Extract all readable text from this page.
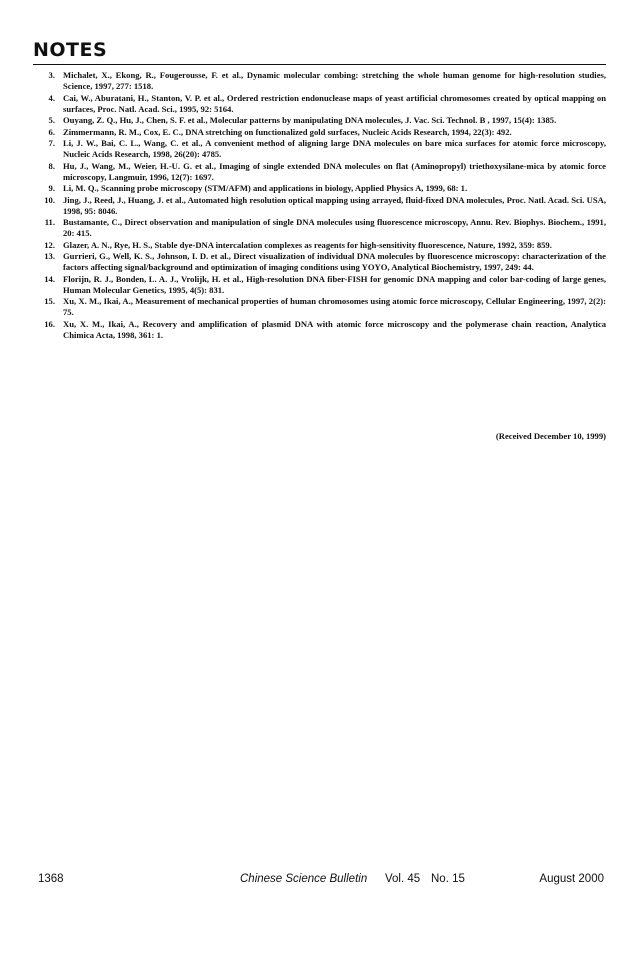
NOTES
3. Michalet, X., Ekong, R., Fougerousse, F. et al., Dynamic molecular combing: stretching the whole human genome for high-resolution studies, Science, 1997, 277: 1518.
4. Cai, W., Aburatani, H., Stanton, V. P. et al., Ordered restriction endonuclease maps of yeast artificial chromosomes created by optical mapping on surfaces, Proc. Natl. Acad. Sci., 1995, 92: 5164.
5. Ouyang, Z. Q., Hu, J., Chen, S. F. et al., Molecular patterns by manipulating DNA molecules, J. Vac. Sci. Technol. B , 1997, 15(4): 1385.
6. Zimmermann, R. M., Cox, E. C., DNA stretching on functionalized gold surfaces, Nucleic Acids Research, 1994, 22(3): 492.
7. Li, J. W., Bai, C. L., Wang, C. et al., A convenient method of aligning large DNA molecules on bare mica surfaces for atomic force microscopy, Nucleic Acids Research, 1998, 26(20): 4785.
8. Hu, J., Wang, M., Weier, H.-U. G. et al., Imaging of single extended DNA molecules on flat (Aminopropyl) triethoxysilane-mica by atomic force microscopy, Langmuir, 1996, 12(7): 1697.
9. Li, M. Q., Scanning probe microscopy (STM/AFM) and applications in biology, Applied Physics A, 1999, 68: 1.
10. Jing, J., Reed, J., Huang, J. et al., Automated high resolution optical mapping using arrayed, fluid-fixed DNA molecules, Proc. Natl. Acad. Sci. USA, 1998, 95: 8046.
11. Bustamante, C., Direct observation and manipulation of single DNA molecules using fluorescence microscopy, Annu. Rev. Biophys. Biochem., 1991, 20: 415.
12. Glazer, A. N., Rye, H. S., Stable dye-DNA intercalation complexes as reagents for high-sensitivity fluorescence, Nature, 1992, 359: 859.
13. Gurrieri, G., Well, K. S., Johnson, I. D. et al., Direct visualization of individual DNA molecules by fluorescence microscopy: characterization of the factors affecting signal/background and optimization of imaging conditions using YOYO, Analytical Biochemistry, 1997, 249: 44.
14. Florijn, R. J., Bonden, L. A. J., Vrolijk, H. et al., High-resolution DNA fiber-FISH for genomic DNA mapping and color bar-coding of large genes, Human Molecular Genetics, 1995, 4(5): 831.
15. Xu, X. M., Ikai, A., Measurement of mechanical properties of human chromosomes using atomic force microscopy, Cellular Engineering, 1997, 2(2): 75.
16. Xu, X. M., Ikai, A., Recovery and amplification of plasmid DNA with atomic force microscopy and the polymerase chain reaction, Analytica Chimica Acta, 1998, 361: 1.
(Received December 10, 1999)
1368	Chinese Science Bulletin Vol. 45 No. 15	August 2000
